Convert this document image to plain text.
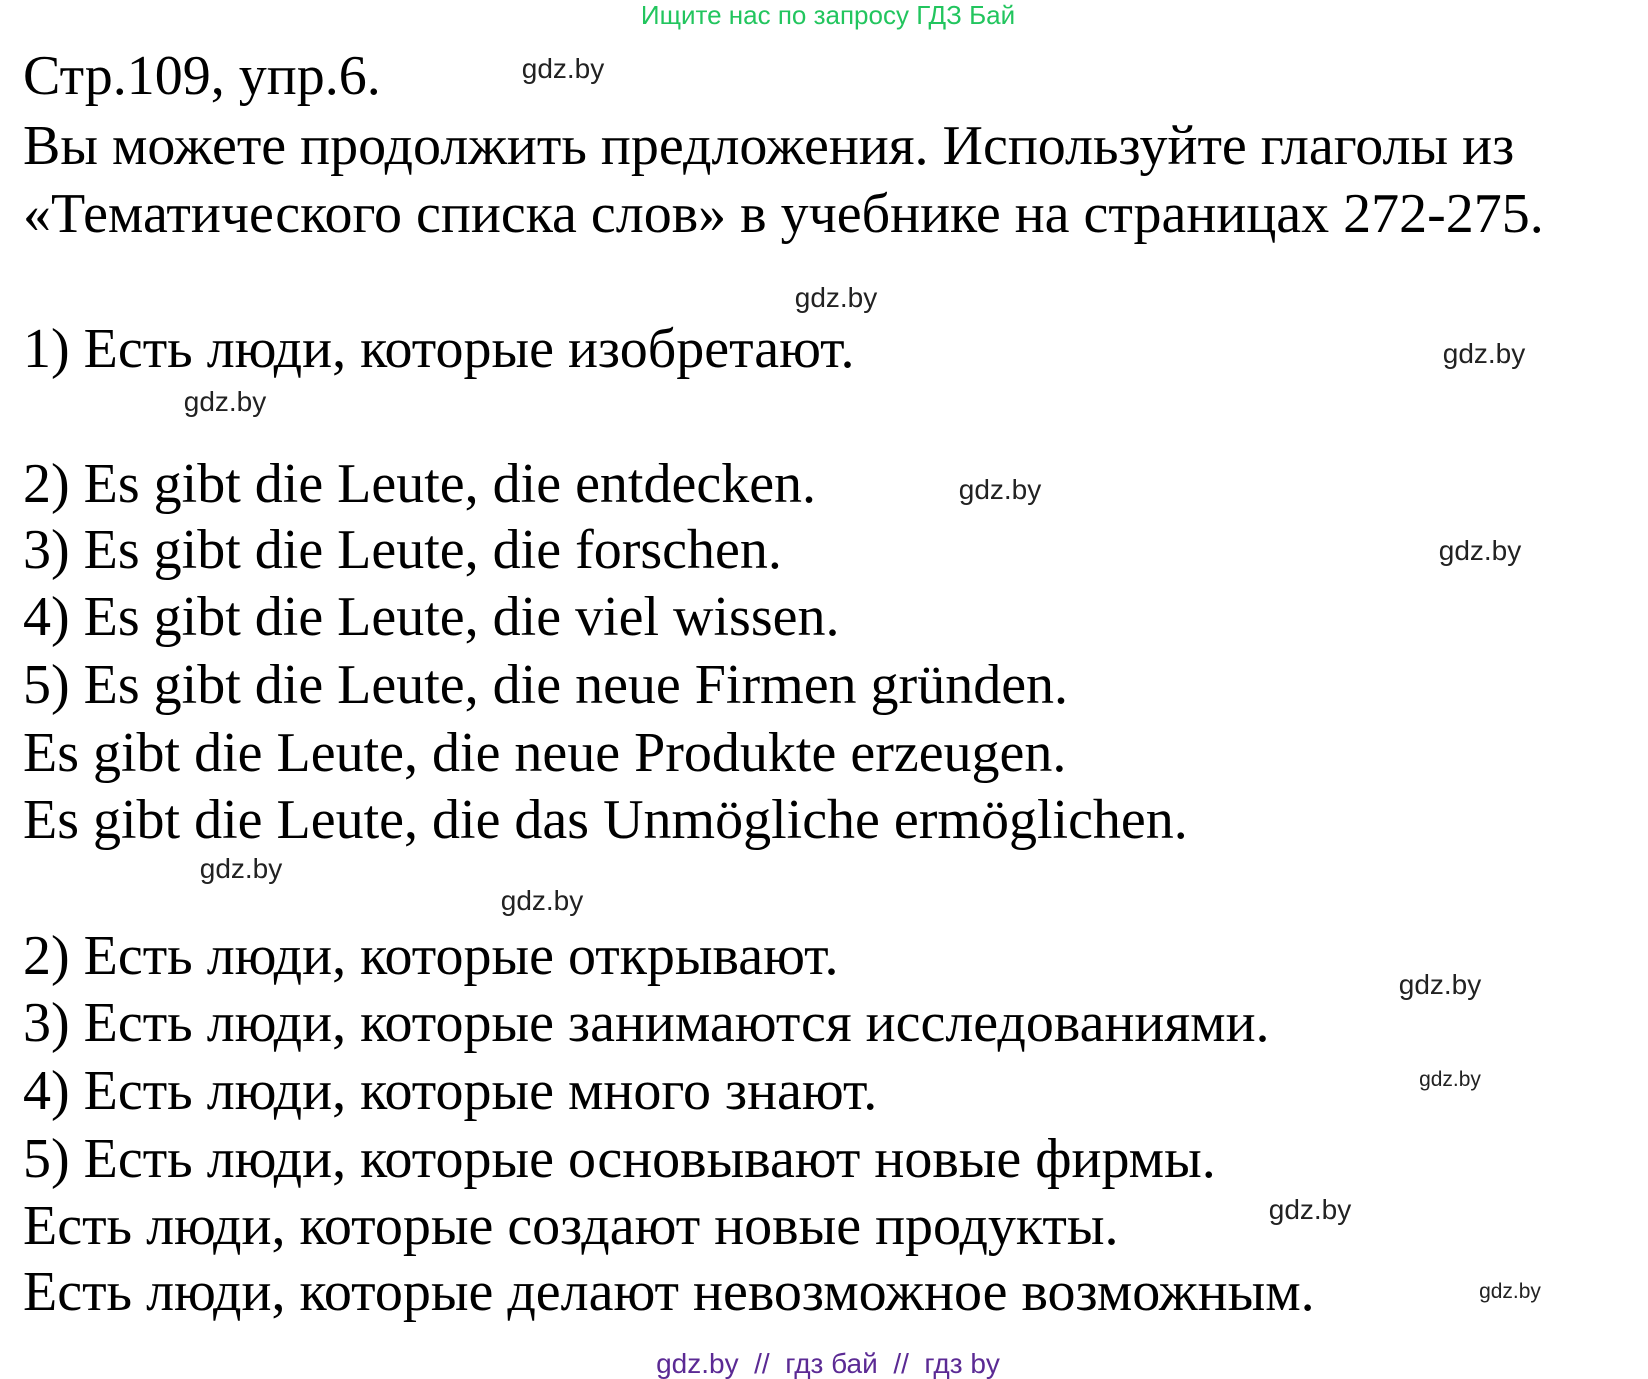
Ищите нас по запросу ГДЗ Бай
Стр.109, упр.6.
Вы можете продолжить предложения. Используйте глаголы из
«Тематического списка слов» в учебнике на страницах 272-275.
1) Есть люди, которые изобретают.
2) Es gibt die Leute, die entdecken.
3) Es gibt die Leute, die forschen.
4) Es gibt die Leute, die viel wissen.
5) Es gibt die Leute, die neue Firmen gründen.
Es gibt die Leute, die neue Produkte erzeugen.
Es gibt die Leute, die das Unmögliche ermöglichen.
2) Есть люди, которые открывают.
3) Есть люди, которые занимаются исследованиями.
4) Есть люди, которые много знают.
5) Есть люди, которые основывают новые фирмы.
Есть люди, которые создают новые продукты.
Есть люди, которые делают невозможное возможным.
gdz.by
gdz.by
gdz.by
gdz.by
gdz.by
gdz.by
gdz.by
gdz.by
gdz.by
gdz.by
gdz.by
gdz.by
gdz.by  //  гдз бай  //  гдз by
